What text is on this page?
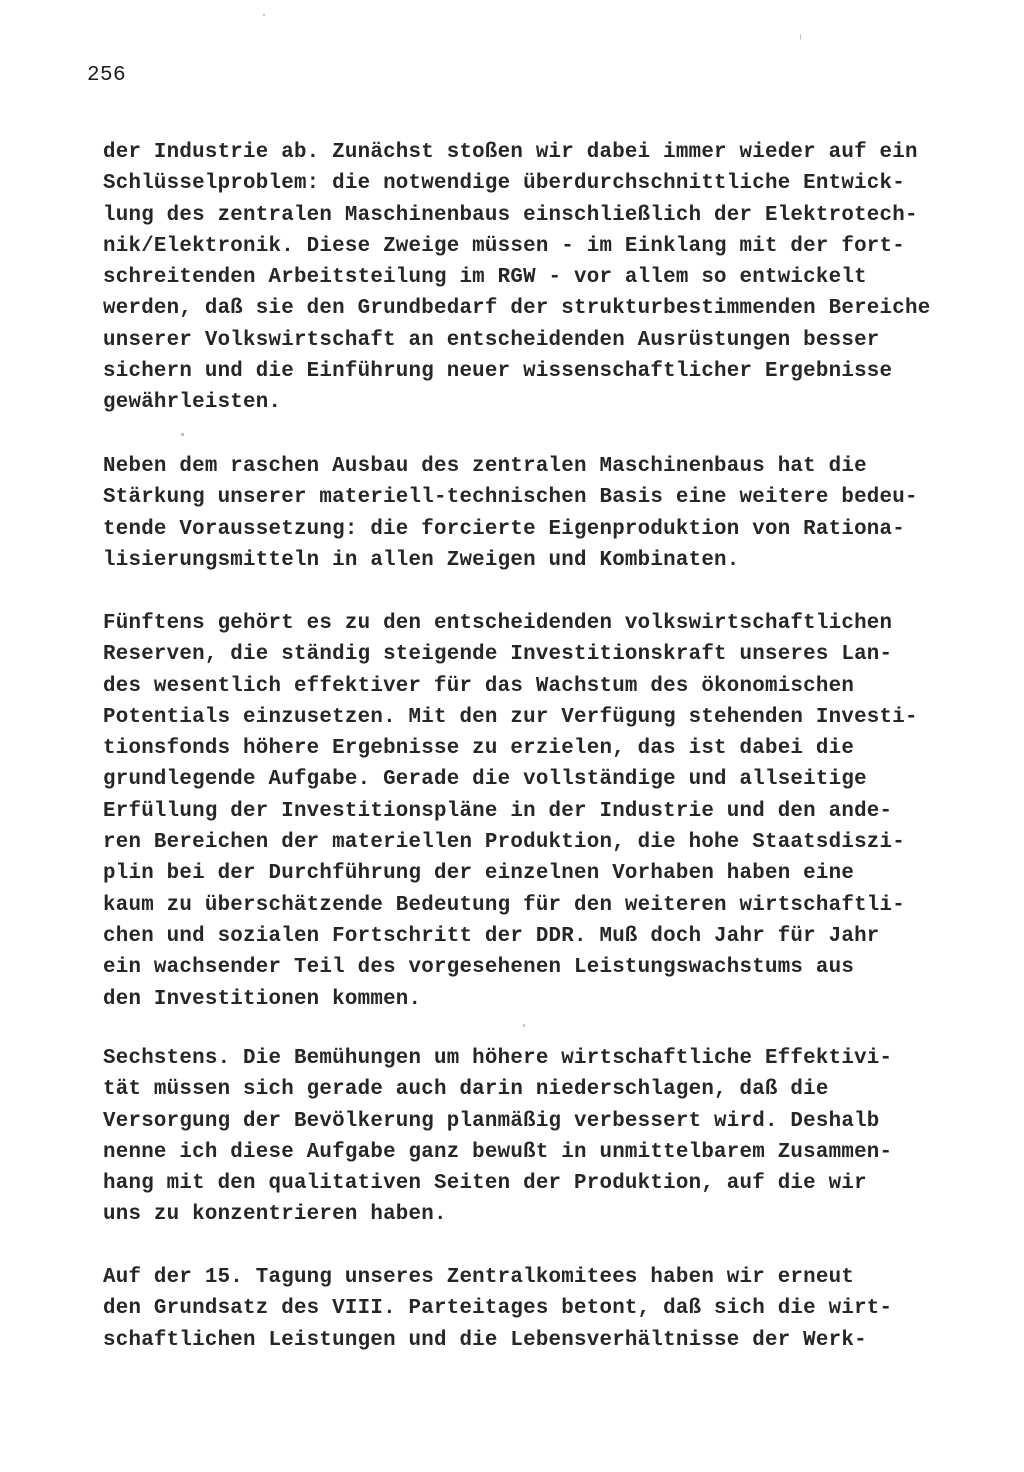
256
der Industrie ab. Zunächst stoßen wir dabei immer wieder auf ein
Schlüsselproblem: die notwendige überdurchschnittliche Entwick-
lung des zentralen Maschinenbaus einschließlich der Elektrotech-
nik/Elektronik. Diese Zweige müssen - im Einklang mit der fort-
schreitenden Arbeitsteilung im RGW - vor allem so entwickelt
werden, daß sie den Grundbedarf der strukturbestimmenden Bereiche
unserer Volkswirtschaft an entscheidenden Ausrüstungen besser
sichern und die Einführung neuer wissenschaftlicher Ergebnisse
gewährleisten.
Neben dem raschen Ausbau des zentralen Maschinenbaus hat die
Stärkung unserer materiell-technischen Basis eine weitere bedeu-
tende Voraussetzung: die forcierte Eigenproduktion von Rationa-
lisierungsmitteln in allen Zweigen und Kombinaten.
Fünftens gehört es zu den entscheidenden volkswirtschaftlichen
Reserven, die ständig steigende Investitionskraft unseres Lan-
des wesentlich effektiver für das Wachstum des ökonomischen
Potentials einzusetzen. Mit den zur Verfügung stehenden Investi-
tionsfonds höhere Ergebnisse zu erzielen, das ist dabei die
grundlegende Aufgabe. Gerade die vollständige und allseitige
Erfüllung der Investitionspläne in der Industrie und den ande-
ren Bereichen der materiellen Produktion, die hohe Staatsdiszi-
plin bei der Durchführung der einzelnen Vorhaben haben eine
kaum zu überschätzende Bedeutung für den weiteren wirtschaftli-
chen und sozialen Fortschritt der DDR. Muß doch Jahr für Jahr
ein wachsender Teil des vorgesehenen Leistungswachstums aus
den Investitionen kommen.
Sechstens. Die Bemühungen um höhere wirtschaftliche Effektivi-
tät müssen sich gerade auch darin niederschlagen, daß die
Versorgung der Bevölkerung planmäßig verbessert wird. Deshalb
nenne ich diese Aufgabe ganz bewußt in unmittelbarem Zusammen-
hang mit den qualitativen Seiten der Produktion, auf die wir
uns zu konzentrieren haben.
Auf der 15. Tagung unseres Zentralkomitees haben wir erneut
den Grundsatz des VIII. Parteitages betont, daß sich die wirt-
schaftlichen Leistungen und die Lebensverhältnisse der Werk-
